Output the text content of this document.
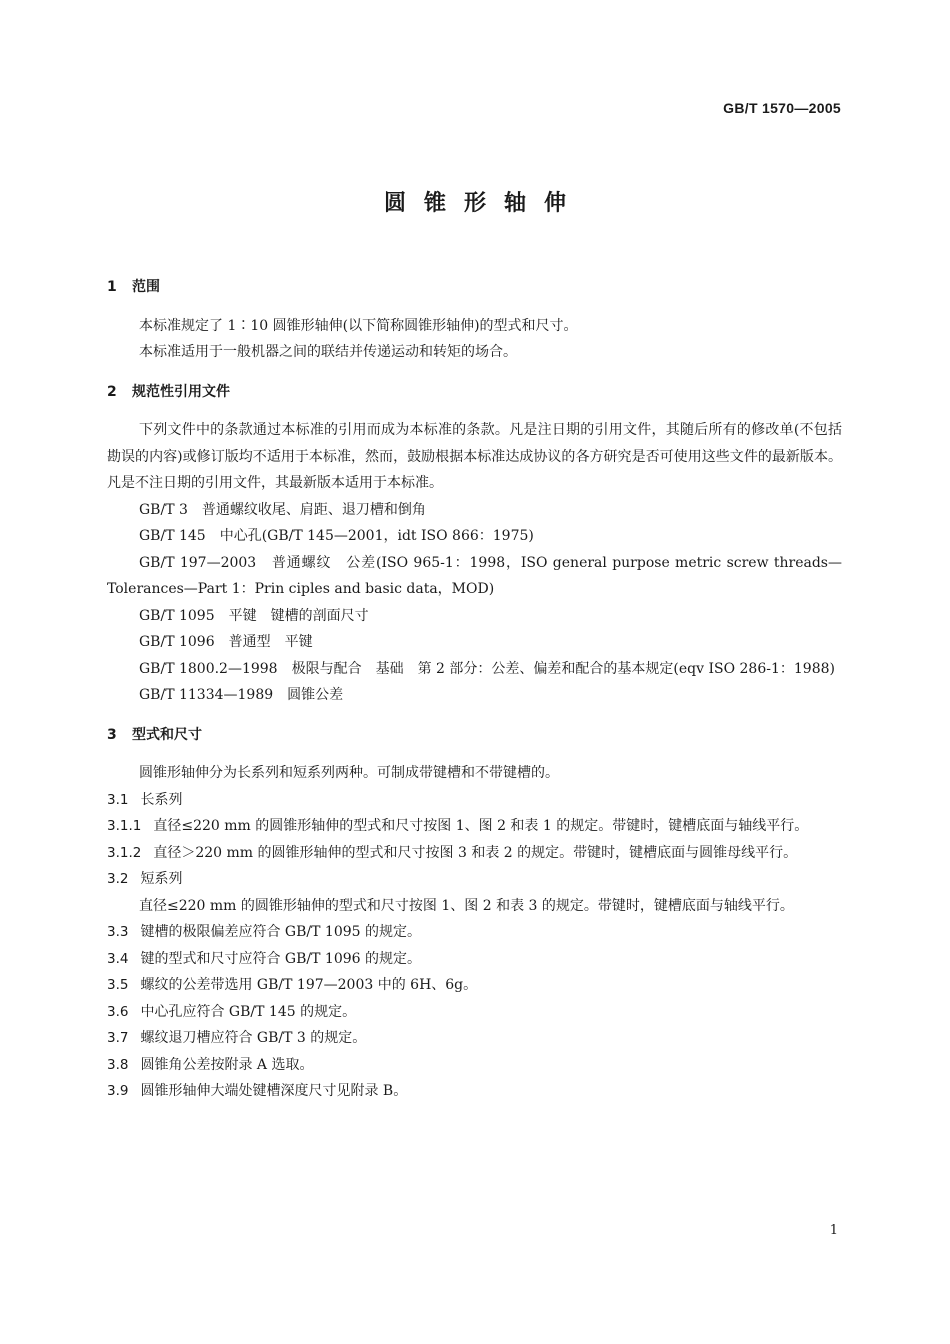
GB/T 1570—2005
圆锥形轴伸
1 范围

本标准规定了 1∶10 圆锥形轴伸(以下简称圆锥形轴伸)的型式和尺寸。

本标准适用于一般机器之间的联结并传递运动和转矩的场合。

2 规范性引用文件

下列文件中的条款通过本标准的引用而成为本标准的条款。凡是注日期的引用文件，其随后所有的修改单(不包括勘误的内容)或修订版均不适用于本标准，然而，鼓励根据本标准达成协议的各方研究是否可使用这些文件的最新版本。凡是不注日期的引用文件，其最新版本适用于本标准。

GB/T 3　普通螺纹收尾、肩距、退刀槽和倒角

GB/T 145　中心孔(GB/T 145—2001，idt ISO 866：1975)

GB/T 197—2003　普通螺纹　公差(ISO 965-1：1998，ISO general purpose metric screw threads—Tolerances—Part 1：Prin ciples and basic data，MOD)

GB/T 1095　平键　键槽的剖面尺寸

GB/T 1096　普通型　平键

GB/T 1800.2—1998　极限与配合　基础　第 2 部分：公差、偏差和配合的基本规定(eqv ISO 286-1：1988)

GB/T 11334—1989　圆锥公差

3 型式和尺寸

圆锥形轴伸分为长系列和短系列两种。可制成带键槽和不带键槽的。

3.1 长系列

3.1.1 直径≤220 mm 的圆锥形轴伸的型式和尺寸按图 1、图 2 和表 1 的规定。带键时，键槽底面与轴线平行。

3.1.2 直径＞220 mm 的圆锥形轴伸的型式和尺寸按图 3 和表 2 的规定。带键时，键槽底面与圆锥母线平行。

3.2 短系列

直径≤220 mm 的圆锥形轴伸的型式和尺寸按图 1、图 2 和表 3 的规定。带键时，键槽底面与轴线平行。

3.3 键槽的极限偏差应符合 GB/T 1095 的规定。

3.4 键的型式和尺寸应符合 GB/T 1096 的规定。

3.5 螺纹的公差带选用 GB/T 197—2003 中的 6H、6g。

3.6 中心孔应符合 GB/T 145 的规定。

3.7 螺纹退刀槽应符合 GB/T 3 的规定。

3.8 圆锥角公差按附录 A 选取。

3.9 圆锥形轴伸大端处键槽深度尺寸见附录 B。

1
